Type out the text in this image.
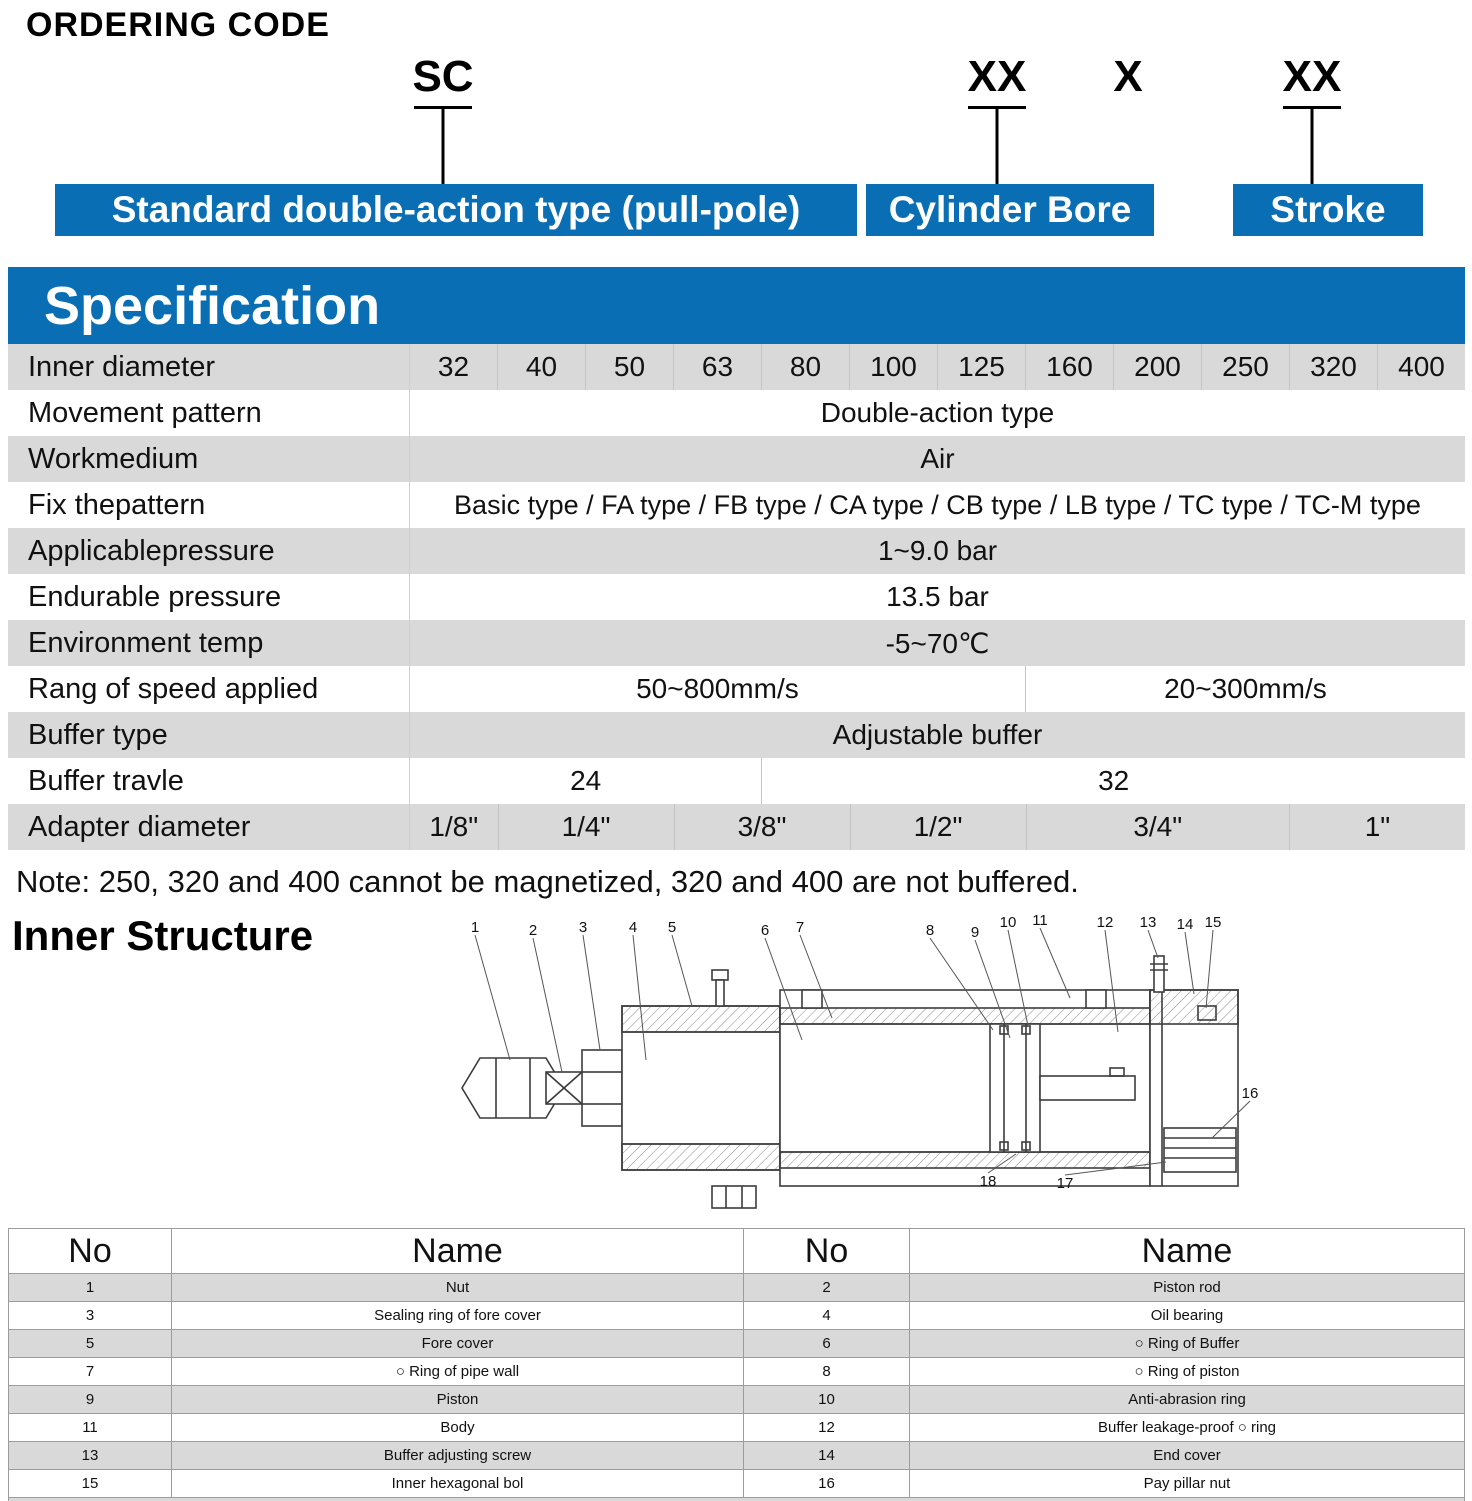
ORDERING CODE
SC	XX X	XX
Standard double-action type (pull-pole)	Cylinder Bore	Stroke
Specification
Inner diameter	32	40	50	63	80	100	125	160	200	250	320	400
Movement pattern	Double-action type
Workmedium	Air
Fix thepattern	Basic type / FA type / FB type / CA type / CB type / LB type / TC type / TC-M type
Applicablepressure	1~9.0 bar
Endurable pressure	13.5 bar
Environment temp	-5~70℃
Rang of speed applied	50~800mm/s	20~300mm/s
Buffer type	Adjustable buffer
Buffer travle	24	32
Adapter diameter	1/8"	1/4"	3/8"	1/2"	3/4"	1"
Note: 250, 320 and 400 cannot be magnetized, 320 and 400 are not buffered.
Inner Structure	1	2	3	4 5	6 7	8 9
10 11	12 13 14 15
16
18	17
No	Name	No	Name
1	Nut	2	Piston rod
3	Sealing ring of fore cover	4	Oil bearing
5	Fore cover	6	○ Ring of Buffer
7	○ Ring of pipe wall	8	○ Ring of piston
9	Piston	10	Anti-abrasion ring
11	Body	12	Buffer leakage-proof ○ ring
13	Buffer adjusting screw	14	End cover
15	Inner hexagonal bol	16	Pay pillar nut
